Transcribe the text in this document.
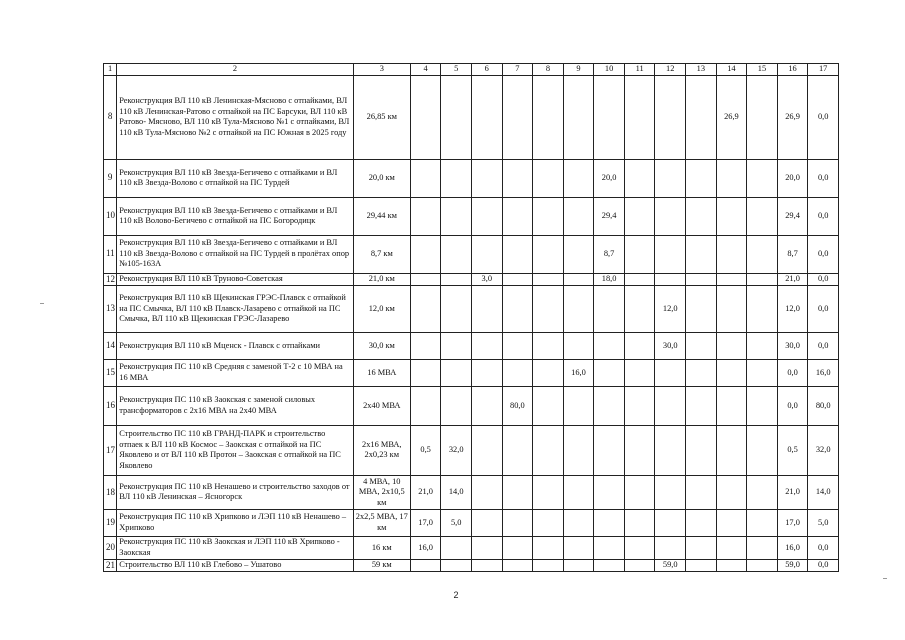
1	2	3	4	5	6	7	8	9	10	11	12	13	14	15	16	17
8	Реконструкция ВЛ 110 кВ Ленинская-Мясново с отпайками, ВЛ 110 кВ Ленинская-Ратово с отпайкой на ПС Барсуки, ВЛ 110 кВ Ратово- Мясново, ВЛ 110 кВ Тула-Мясново №1 с отпайками, ВЛ 110 кВ Тула-Мясново №2 с отпайкой на ПС Южная в 2025 году	26,85 км											26,9		26,9	0,0
9	Реконструкция ВЛ 110 кВ Звезда-Бегичево с отпайками и ВЛ 110 кВ Звезда-Волово с отпайкой на ПС Турдей	20,0 км							20,0						20,0	0,0
10	Реконструкция ВЛ 110 кВ Звезда-Бегичево с отпайками и ВЛ 110 кВ Волово-Бегичево с отпайкой на ПС Богородицк	29,44 км							29,4						29,4	0,0
11	Реконструкция ВЛ 110 кВ Звезда-Бегичево с отпайками и ВЛ 110 кВ Звезда-Волово с отпайкой на ПС Турдей в пролётах опор №105-163А	8,7 км							8,7						8,7	0,0
12	Реконструкция ВЛ 110 кВ Труново-Советская	21,0 км			3,0				18,0						21,0	0,0
13	Реконструкция ВЛ 110 кВ Щекинская ГРЭС-Плавск с отпайкой на ПС Смычка, ВЛ 110 кВ Плавск-Лазарево с отпайкой на ПС Смычка, ВЛ 110 кВ Щекинская ГРЭС-Лазарево	12,0 км									12,0				12,0	0,0
14	Реконструкция ВЛ 110 кВ Мценск - Плавск с отпайками	30,0 км									30,0				30,0	0,0
15	Реконструкция ПС 110 кВ Средняя с заменой Т-2 с 10 МВА на 16 МВА	16 МВА						16,0							0,0	16,0
16	Реконструкция ПС 110 кВ Заокская с заменой силовых трансформаторов с 2х16 МВА на 2х40 МВА	2х40 МВА				80,0									0,0	80,0
17	Строительство ПС 110 кВ ГРАНД-ПАРК и строительство отпаек к ВЛ 110 кВ Космос – Заокская с отпайкой на ПС Яковлево и от ВЛ 110 кВ Протон – Заокская с отпайкой на ПС Яковлево	2х16 МВА, 2х0,23 км	0,5	32,0											0,5	32,0
18	Реконструкция ПС 110 кВ Ненашево и строительство заходов от ВЛ 110 кВ Ленинская – Ясногорск	4 МВА, 10 МВА, 2х10,5 км	21,0	14,0											21,0	14,0
19	Реконструкция ПС 110 кВ Хрипково и ЛЭП 110 кВ Ненашево – Хрипково	2х2,5 МВА, 17 км	17,0	5,0											17,0	5,0
20	Реконструкция ПС 110 кВ Заокская и ЛЭП 110 кВ Хрипково - Заокская	16 км	16,0												16,0	0,0
21	Строительство ВЛ 110 кВ Глебово – Ушатово	59 км									59,0				59,0	0,0
2
